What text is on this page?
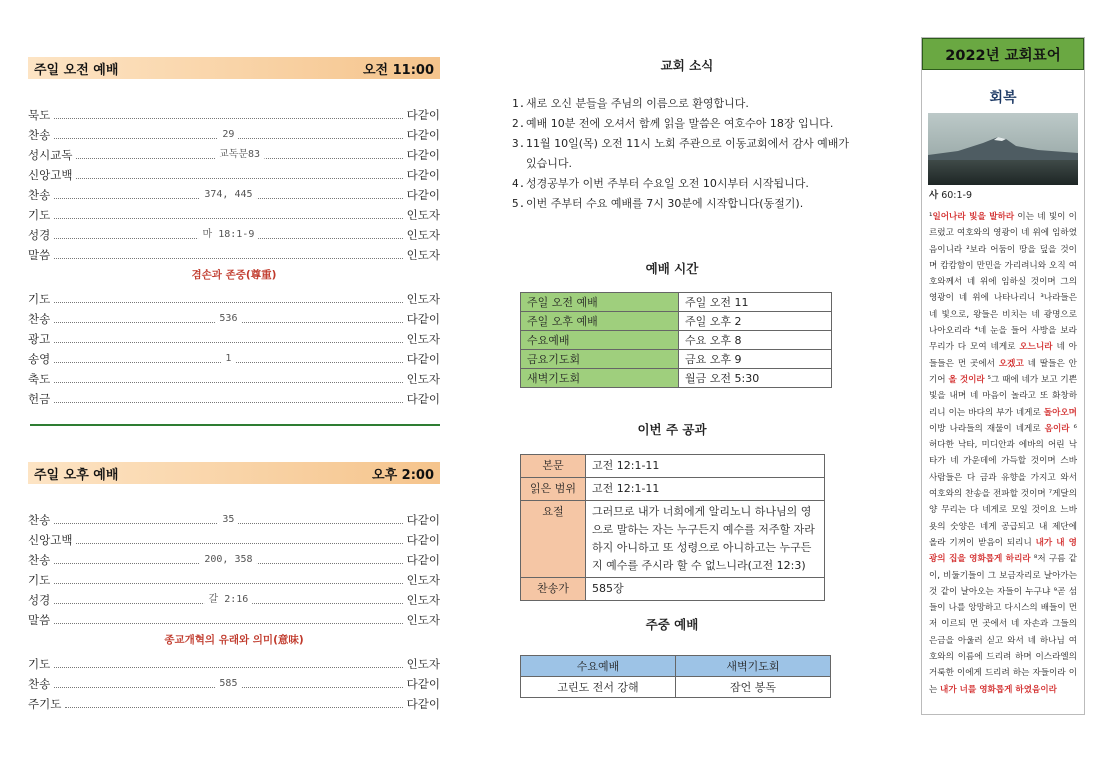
주일 오전 예배	오전 11:00
묵도	다같이
찬송	29	다같이
성시교독	교독문83	다같이
신앙고백	다같이
찬송	374, 445	다같이
기도	인도자
성경	마 18:1-9	인도자
말씀	인도자
겸손과 존중(尊重)
기도	인도자
찬송	536	다같이
광고	인도자
송영	1	다같이
축도	인도자
헌금	다같이
주일 오후 예배	오후 2:00
찬송	35	다같이
신앙고백	다같이
찬송	200, 358	다같이
기도	인도자
성경	갈 2:16	인도자
말씀	인도자
종교개혁의 유래와 의미(意味)
기도	인도자
찬송	585	다같이
주기도	다같이
교회 소식
1. 새로 오신 분들을 주님의 이름으로 환영합니다.
2. 예배 10분 전에 오셔서 함께 읽을 말씀은 여호수아 18장 입니다.
3. 11월 10일(목) 오전 11시 노회 주관으로 이동교회에서 감사 예배가 있습니다.
4. 성경공부가 이번 주부터 수요일 오전 10시부터 시작됩니다.
5. 이번 주부터 수요 예배를 7시 30분에 시작합니다(동절기).
예배 시간
주일 오전 예배	주일 오전 11
주일 오후 예배	주일 오후 2
수요예배	수요 오후 8
금요기도회	금요 오후 9
새벽기도회	월금 오전 5:30
이번 주 공과
본문	고전 12:1-11
읽은 범위	고전 12:1-11
요절	그러므로 내가 너희에게 알리노니 하나님의 영으로 말하는 자는 누구든지 예수를 저주할 자라 하지 아니하고 또 성령으로 아니하고는 누구든지 예수를 주시라 할 수 없느니라(고전 12:3)
찬송가	585장
주중 예배
수요예배	새벽기도회
고린도 전서 강해	잠언 봉독
2022년 교회표어
회복
사 60:1-9
¹일어나라 빛을 발하라 이는 네 빛이 이르렀고 여호와의 영광이 네 위에 임하였음이니라 ²보라 어둠이 땅을 덮을 것이며 캄캄함이 만민을 가리려니와 오직 여호와께서 네 위에 임하실 것이며 그의 영광이 네 위에 나타나리니 ³나라들은 네 빛으로, 왕들은 비치는 네 광명으로 나아오리라 ⁴네 눈을 들어 사방을 보라 무리가 다 모여 네게로 오느니라 네 아들들은 먼 곳에서 오겠고 네 딸들은 안기어 올 것이라 ⁵그 때에 네가 보고 기쁜 빛을 내며 네 마음이 놀라고 또 화창하리니 이는 바다의 부가 네게로 돌아오며 이방 나라들의 재물이 네게로 옴이라 ⁶허다한 낙타, 미디안과 에바의 어린 낙타가 네 가운데에 가득할 것이며 스바 사람들은 다 금과 유향을 가지고 와서 여호와의 찬송을 전파할 것이며 ⁷게달의 양 무리는 다 네게로 모일 것이요 느바욧의 숫양은 네게 공급되고 내 제단에 올라 기꺼이 받음이 되리니 내가 내 영광의 집을 영화롭게 하리라 ⁸저 구름 같이, 비둘기들이 그 보금자리로 날아가는 것 같이 날아오는 자들이 누구냐 ⁹곧 섬들이 나를 앙망하고 다시스의 배들이 먼저 이르되 먼 곳에서 네 자손과 그들의 은금을 아울러 싣고 와서 네 하나님 여호와의 이름에 드리려 하며 이스라엘의 거룩한 이에게 드리려 하는 자들이라 이는 내가 너를 영화롭게 하였음이라
